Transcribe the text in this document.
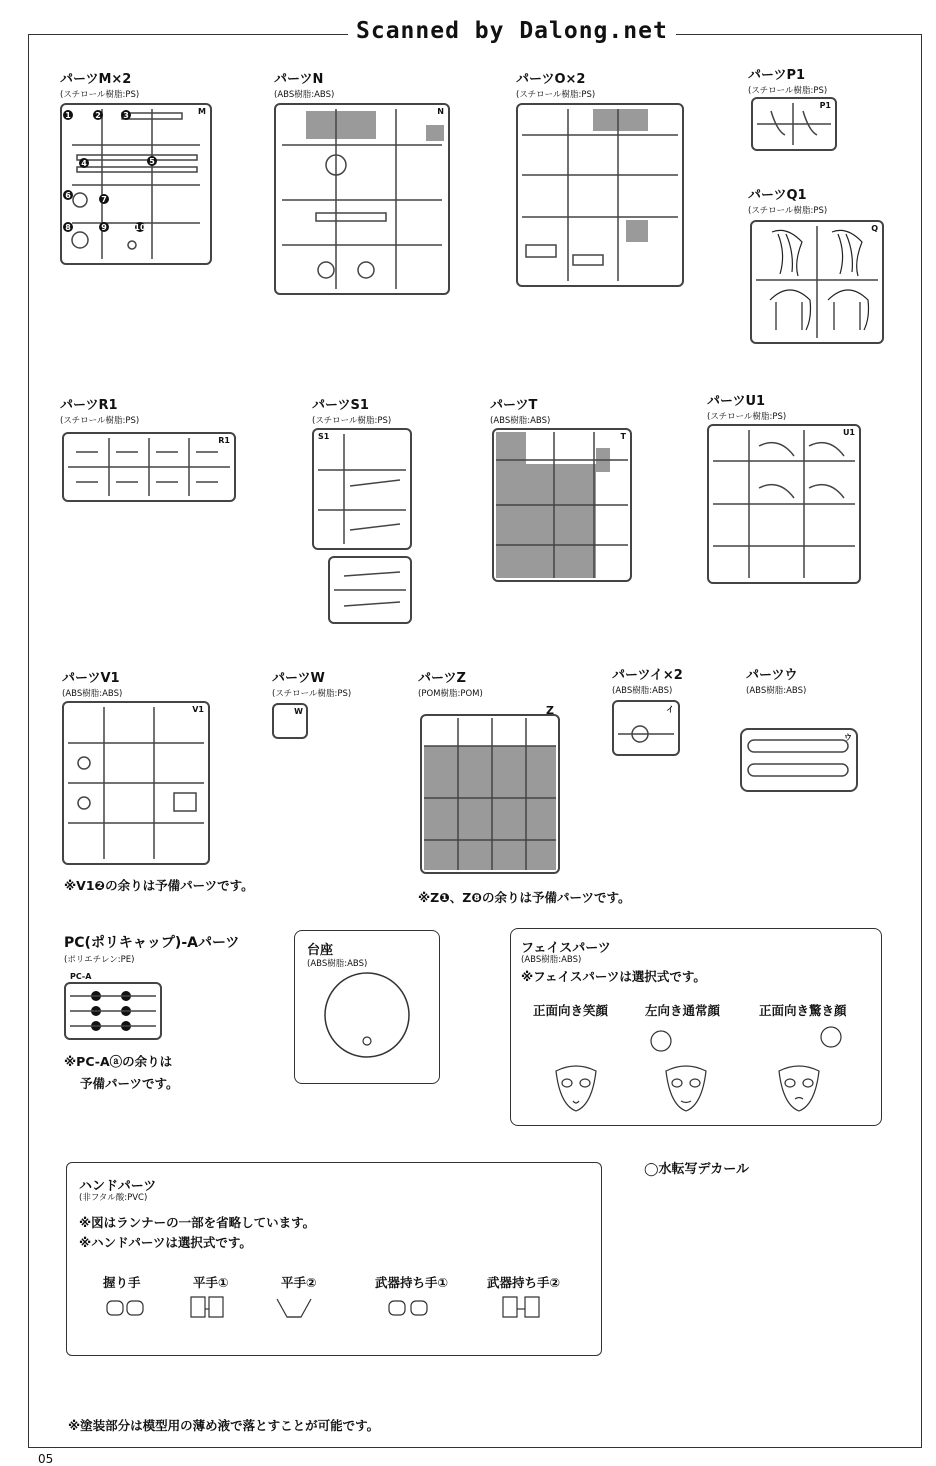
Scanned by Dalong.net
パーツM×2
(スチロール樹脂:PS)
M
1	2	3
4	5
6	7
8	9	10
パーツN
(ABS樹脂:ABS)
N
パーツO×2
(スチロール樹脂:PS)
パーツP1
(スチロール樹脂:PS)
P1
パーツQ1
(スチロール樹脂:PS)
Q
パーツR1
(スチロール樹脂:PS)
R1
パーツS1
(スチロール樹脂:PS)
S1
パーツT
(ABS樹脂:ABS)
T
パーツU1
(スチロール樹脂:PS)
U1
パーツV1
(ABS樹脂:ABS)
V1
※V1❷の余りは予備パーツです。
パーツW
(スチロール樹脂:PS)
W
パーツZ
(POM樹脂:POM)
Z
※Z❶、Z❽の余りは予備パーツです。
パーツイ×2
(ABS樹脂:ABS)
イ
パーツウ
(ABS樹脂:ABS)
ウ
PC(ポリキャップ)-Aパーツ
(ポリエチレン:PE)
PC-A
※PC-Aⓐの余りは
予備パーツです。
台座
(ABS樹脂:ABS)
フェイスパーツ
(ABS樹脂:ABS)
※フェイスパーツは選択式です。
正面向き笑顔	左向き通常顔	正面向き驚き顔
◯水転写デカール
ハンドパーツ
(非フタル酸:PVC)
※図はランナーの一部を省略しています。
※ハンドパーツは選択式です。
握り手	平手①	平手②	武器持ち手①	武器持ち手②
※塗装部分は模型用の薄め液で落とすことが可能です。
05
